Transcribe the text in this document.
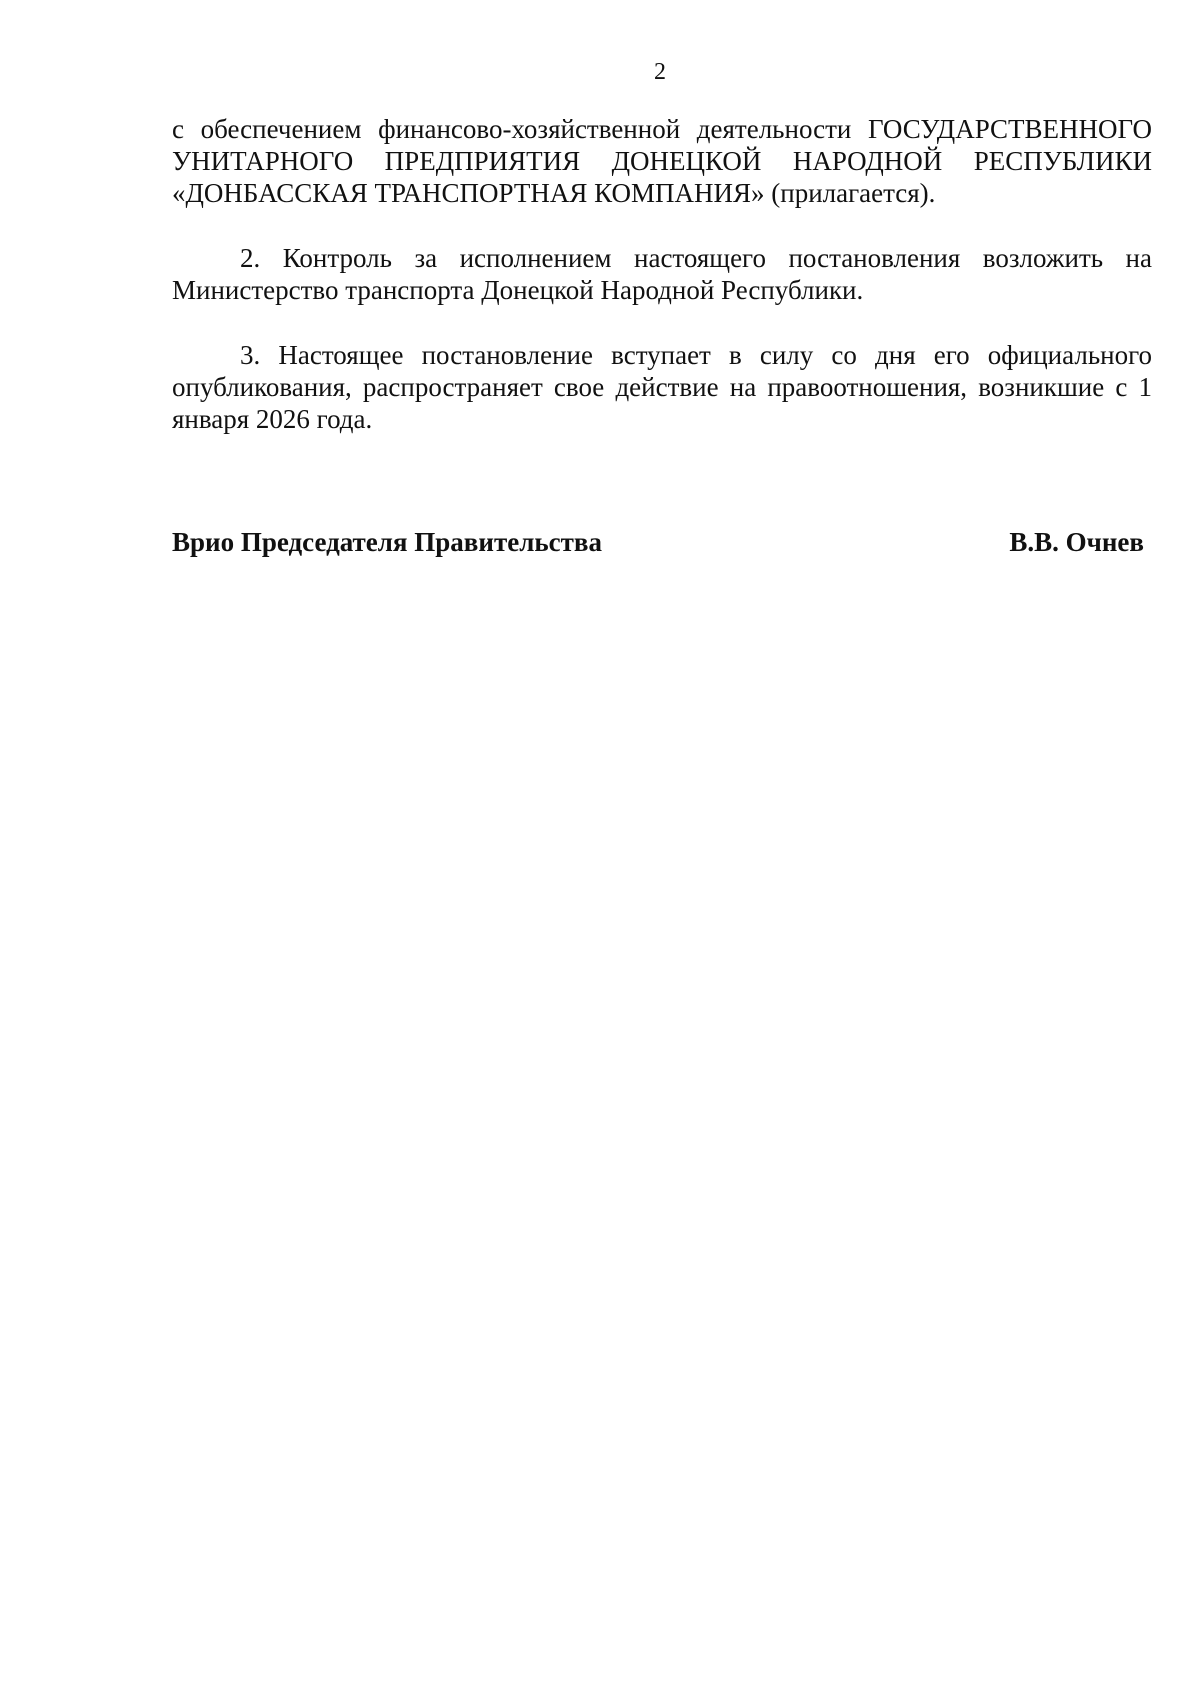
2

с обеспечением финансово-хозяйственной деятельности ГОСУДАРСТВЕННОГО УНИТАРНОГО ПРЕДПРИЯТИЯ ДОНЕЦКОЙ НАРОДНОЙ РЕСПУБЛИКИ «ДОНБАССКАЯ ТРАНСПОРТНАЯ КОМПАНИЯ» (прилагается).

2. Контроль за исполнением настоящего постановления возложить на Министерство транспорта Донецкой Народной Республики.

3. Настоящее постановление вступает в силу со дня его официального опубликования, распространяет свое действие на правоотношения, возникшие с 1 января 2026 года.

Врио Председателя Правительства	В.В. Очнев
